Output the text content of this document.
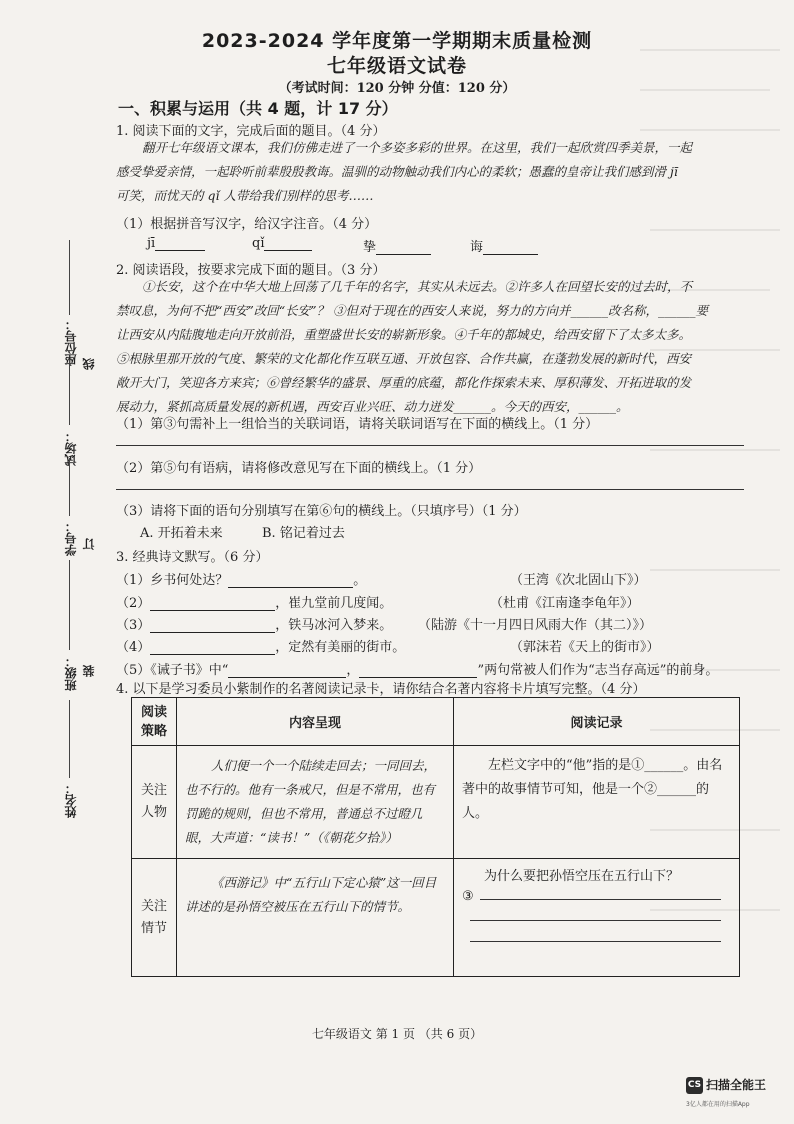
2023-2024 学年度第一学期期末质量检测
七年级语文试卷
（考试时间：120 分钟 分值：120 分）
一、积累与运用（共 4 题，计 17 分）
1. 阅读下面的文字，完成后面的题目。（4 分）
翻开七年级语文课本，我们仿佛走进了一个多姿多彩的世界。在这里，我们一起欣赏四季美景，一起
感受挚爱亲情，一起聆听前辈殷殷教诲。温驯的动物触动我们内心的柔软；愚蠢的皇帝让我们感到滑 jī
可笑，而忧天的 qǐ 人带给我们别样的思考……
（1）根据拼音写汉字，给汉字注音。（4 分）
jī	qǐ	挚	诲
2. 阅读语段，按要求完成下面的题目。（3 分）
①长安，这个在中华大地上回荡了几千年的名字，其实从未远去。②许多人在回望长安的过去时，不
禁叹息，为何不把“西安”改回“长安”？ ③但对于现在的西安人来说，努力的方向并______改名称，______要
让西安从内陆腹地走向开放前沿，重塑盛世长安的崭新形象。④千年的都城史，给西安留下了太多太多。
⑤根脉里那开放的气度、繁荣的文化都化作互联互通、开放包容、合作共赢，在蓬勃发展的新时代，西安
敞开大门，笑迎各方来宾；⑥曾经繁华的盛景、厚重的底蕴，都化作探索未来、厚积薄发、开拓进取的发
展动力，紧抓高质量发展的新机遇，西安百业兴旺、动力迸发______。今天的西安，______。
（1）第③句需补上一组恰当的关联词语，请将关联词语写在下面的横线上。（1 分）
（2）第⑤句有语病，请将修改意见写在下面的横线上。（1 分）
（3）请将下面的语句分别填写在第⑥句的横线上。（只填序号）（1 分）
A. 开拓着未来	B. 铭记着过去
3. 经典诗文默写。（6 分）
（1）乡书何处达？	。	（王湾《次北固山下》）
（2）	，崔九堂前几度闻。	（杜甫《江南逢李龟年》）
（3）	，铁马冰河入梦来。 （陆游《十一月四日风雨大作（其二）》）
（4）	，定然有美丽的街市。	（郭沫若《天上的街市》）
（5）《诫子书》中“	，	”两句常被人们作为“志当存高远”的前身。
4. 以下是学习委员小紫制作的名著阅读记录卡，请你结合名著内容将卡片填写完整。（4 分）
阅读策略	内容呈现	阅读记录

关注人物	人们便一个一个陆续走回去；一同回去，也不行的。他有一条戒尺，但是不常用，也有罚跪的规则，但也不常用，普通总不过瞪几眼，大声道：“读书！”（《朝花夕拾》）	左栏文字中的“他”指的是①______。由名著中的故事情节可知，他是一个②______的人。

关注情节	《西游记》中“五行山下定心猿”这一回目讲述的是孙悟空被压在五行山下的情节。	为什么要把孙悟空压在五行山下？
③
座位号： 线
试场：
学号： 订
班级： 装
姓名：
七年级语文 第 1 页 （共 6 页）
CS 扫描全能王
3亿人都在用的扫描App
